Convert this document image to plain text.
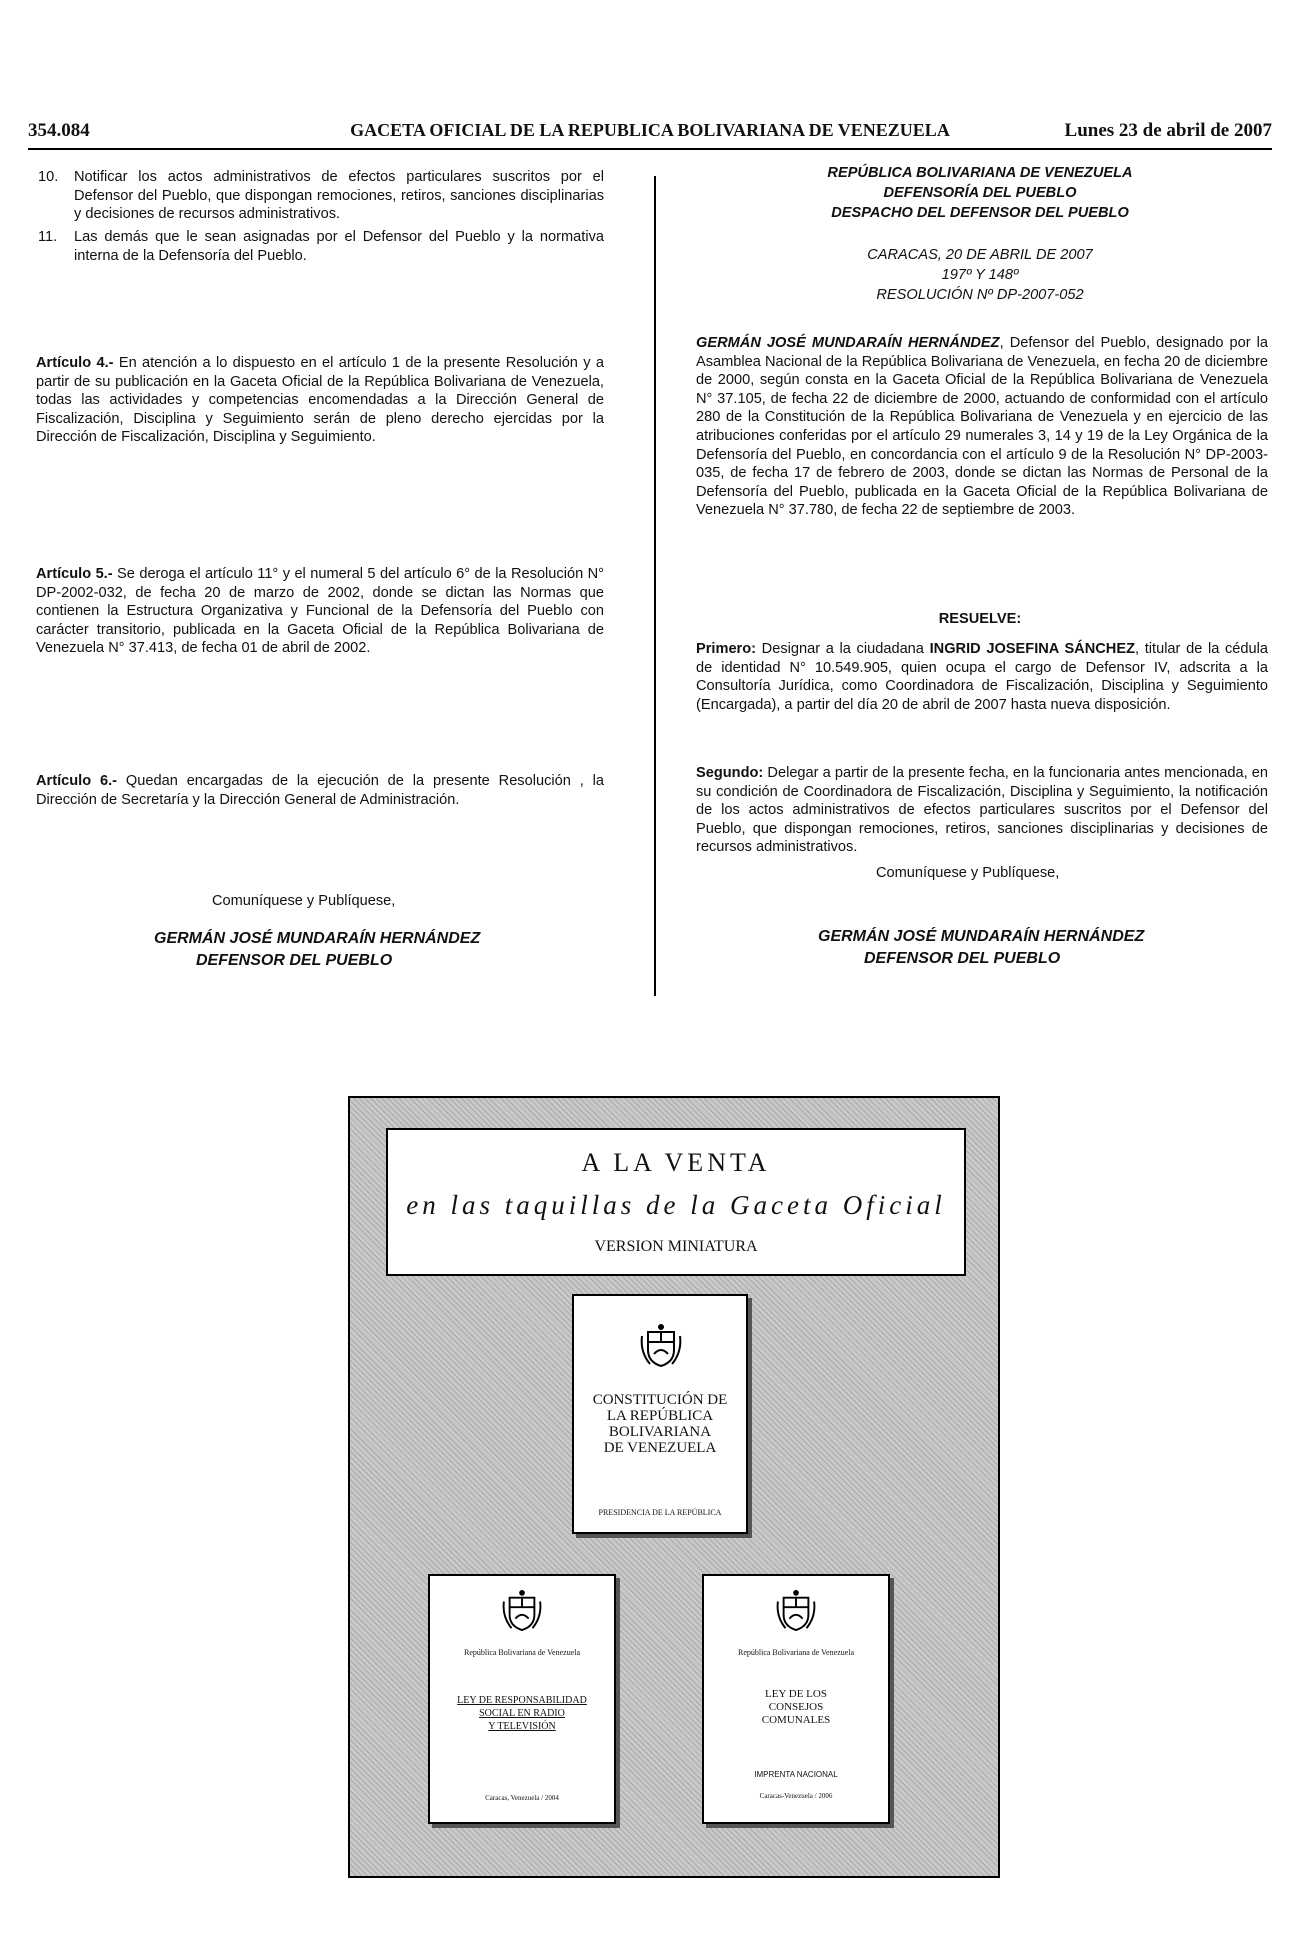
354.084	GACETA OFICIAL DE LA REPUBLICA BOLIVARIANA DE VENEZUELA	Lunes 23 de abril de 2007
10. Notificar los actos administrativos de efectos particulares suscritos por el Defensor del Pueblo, que dispongan remociones, retiros, sanciones disciplinarias y decisiones de recursos administrativos.
11. Las demás que le sean asignadas por el Defensor del Pueblo y la normativa interna de la Defensoría del Pueblo.
Artículo 4.- En atención a lo dispuesto en el artículo 1 de la presente Resolución y a partir de su publicación en la Gaceta Oficial de la República Bolivariana de Venezuela, todas las actividades y competencias encomendadas a la Dirección General de Fiscalización, Disciplina y Seguimiento serán de pleno derecho ejercidas por la Dirección de Fiscalización, Disciplina y Seguimiento.
Artículo 5.- Se deroga el artículo 11° y el numeral 5 del artículo 6° de la Resolución N° DP-2002-032, de fecha 20 de marzo de 2002, donde se dictan las Normas que contienen la Estructura Organizativa y Funcional de la Defensoría del Pueblo con carácter transitorio, publicada en la Gaceta Oficial de la República Bolivariana de Venezuela N° 37.413, de fecha 01 de abril de 2002.
Artículo 6.- Quedan encargadas de la ejecución de la presente Resolución , la Dirección de Secretaría y la Dirección General de Administración.
Comuníquese y Publíquese,
GERMÁN JOSÉ MUNDARAÍN HERNÁNDEZ
DEFENSOR DEL PUEBLO
REPÚBLICA BOLIVARIANA DE VENEZUELA
DEFENSORÍA DEL PUEBLO
DESPACHO DEL DEFENSOR DEL PUEBLO
CARACAS, 20 DE ABRIL DE 2007
197º Y 148º
RESOLUCIÓN Nº DP-2007-052
GERMÁN JOSÉ MUNDARAÍN HERNÁNDEZ, Defensor del Pueblo, designado por la Asamblea Nacional de la República Bolivariana de Venezuela, en fecha 20 de diciembre de 2000, según consta en la Gaceta Oficial de la República Bolivariana de Venezuela N° 37.105, de fecha 22 de diciembre de 2000, actuando de conformidad con el artículo 280 de la Constitución de la República Bolivariana de Venezuela y en ejercicio de las atribuciones conferidas por el artículo 29 numerales 3, 14 y 19 de la Ley Orgánica de la Defensoría del Pueblo, en concordancia con el artículo 9 de la Resolución N° DP-2003-035, de fecha 17 de febrero de 2003, donde se dictan las Normas de Personal de la Defensoría del Pueblo, publicada en la Gaceta Oficial de la República Bolivariana de Venezuela N° 37.780, de fecha 22 de septiembre de 2003.
RESUELVE:
Primero: Designar a la ciudadana INGRID JOSEFINA SÁNCHEZ, titular de la cédula de identidad N° 10.549.905, quien ocupa el cargo de Defensor IV, adscrita a la Consultoría Jurídica, como Coordinadora de Fiscalización, Disciplina y Seguimiento (Encargada), a partir del día 20 de abril de 2007 hasta nueva disposición.
Segundo: Delegar a partir de la presente fecha, en la funcionaria antes mencionada, en su condición de Coordinadora de Fiscalización, Disciplina y Seguimiento, la notificación de los actos administrativos de efectos particulares suscritos por el Defensor del Pueblo, que dispongan remociones, retiros, sanciones disciplinarias y decisiones de recursos administrativos.
Comuníquese y Publíquese,
GERMÁN JOSÉ MUNDARAÍN HERNÁNDEZ
DEFENSOR DEL PUEBLO
A LA VENTA
en las taquillas de la Gaceta Oficial
VERSION MINIATURA
CONSTITUCIÓN DE
LA REPÚBLICA
BOLIVARIANA
DE VENEZUELA
PRESIDENCIA DE LA REPÚBLICA
República Bolivariana de Venezuela
LEY DE RESPONSABILIDAD
SOCIAL EN RADIO
Y TELEVISIÓN
Caracas, Venezuela / 2004
República Bolivariana de Venezuela
LEY DE LOS
CONSEJOS
COMUNALES
IMPRENTA NACIONAL
Caracas-Venezuela / 2006
